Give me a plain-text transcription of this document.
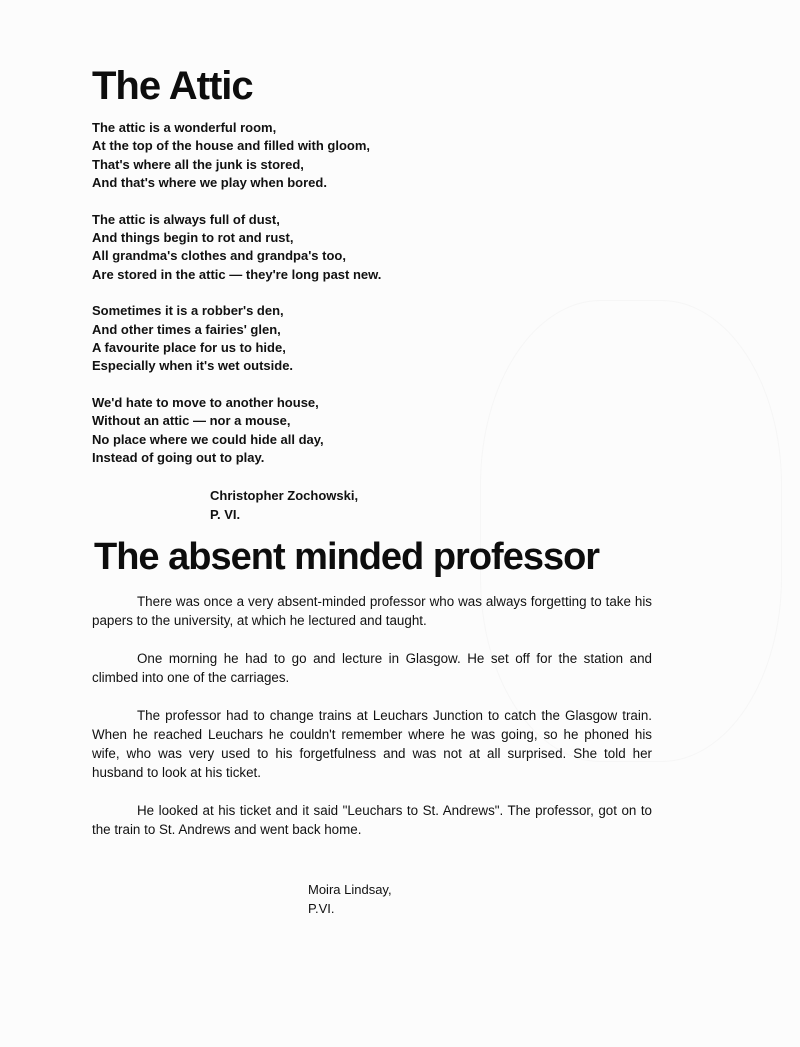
The Attic
The attic is a wonderful room,
At the top of the house and filled with gloom,
That's where all the junk is stored,
And that's where we play when bored.
The attic is always full of dust,
And things begin to rot and rust,
All grandma's clothes and grandpa's too,
Are stored in the attic — they're long past new.
Sometimes it is a robber's den,
And other times a fairies' glen,
A favourite place for us to hide,
Especially when it's wet outside.
We'd hate to move to another house,
Without an attic — nor a mouse,
No place where we could hide all day,
Instead of going out to play.
Christopher Zochowski,
P. VI.
The absent minded professor

There was once a very absent-minded professor who was always forgetting to take his papers to the university, at which he lectured and taught.

One morning he had to go and lecture in Glasgow. He set off for the station and climbed into one of the carriages.

The professor had to change trains at Leuchars Junction to catch the Glasgow train. When he reached Leuchars he couldn't remember where he was going, so he phoned his wife, who was very used to his forgetfulness and was not at all surprised. She told her husband to look at his ticket.

He looked at his ticket and it said "Leuchars to St. Andrews". The professor, got on to the train to St. Andrews and went back home.

Moira Lindsay,
P.VI.
